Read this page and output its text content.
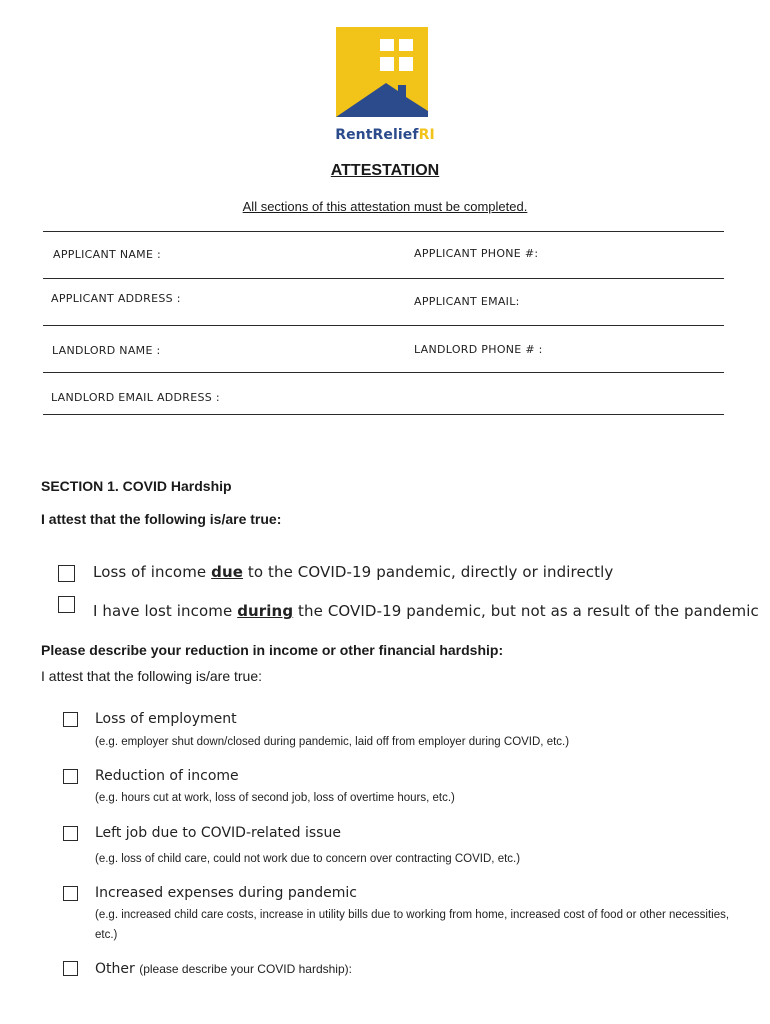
RentReliefRI
ATTESTATION
All sections of this attestation must be completed.
APPLICANT NAME :	APPLICANT PHONE #:
APPLICANT ADDRESS :	APPLICANT EMAIL:
LANDLORD NAME :	LANDLORD PHONE # :
LANDLORD EMAIL ADDRESS :
SECTION 1. COVID Hardship
I attest that the following is/are true:
Loss of income due to the COVID-19 pandemic, directly or indirectly
I have lost income during the COVID-19 pandemic, but not as a result of the pandemic
Please describe your reduction in income or other financial hardship:
I attest that the following is/are true:
Loss of employment
(e.g. employer shut down/closed during pandemic, laid off from employer during COVID, etc.)
Reduction of income
(e.g. hours cut at work, loss of second job, loss of overtime hours, etc.)
Left job due to COVID-related issue
(e.g. loss of child care, could not work due to concern over contracting COVID, etc.)
Increased expenses during pandemic
(e.g. increased child care costs, increase in utility bills due to working from home, increased cost of food or other necessities, etc.)
Other (please describe your COVID hardship):
